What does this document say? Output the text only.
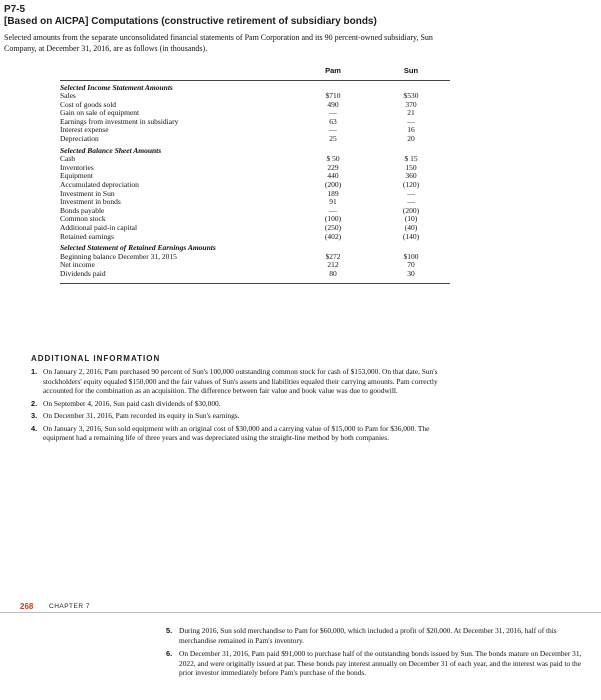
P7-5
[Based on AICPA] Computations (constructive retirement of subsidiary bonds)
Selected amounts from the separate unconsolidated financial statements of Pam Corporation and its 90 percent-owned subsidiary, Sun Company, at December 31, 2016, are as follows (in thousands).
	Pam	Sun
Selected Income Statement Amounts		
Sales	$710	$530
Cost of goods sold	490	370
Gain on sale of equipment	—	21
Earnings from investment in subsidiary	63	—
Interest expense	—	16
Depreciation	25	20
Selected Balance Sheet Amounts		
Cash	$ 50	$ 15
Inventories	229	150
Equipment	440	360
Accumulated depreciation	(200)	(120)
Investment in Sun	189	—
Investment in bonds	91	—
Bonds payable	—	(200)
Common stock	(100)	(10)
Additional paid-in capital	(250)	(40)
Retained earnings	(402)	(140)
Selected Statement of Retained Earnings Amounts		
Beginning balance December 31, 2015	$272	$100
Net income	212	70
Dividends paid	80	30
ADDITIONAL INFORMATION
1. On January 2, 2016, Pam purchased 90 percent of Sun's 100,000 outstanding common stock for cash of $153,000. On that date, Sun's stockholders' equity equaled $150,000 and the fair values of Sun's assets and liabilities equaled their carrying amounts. Pam correctly accounted for the combination as an acquisition. The difference between fair value and book value was due to goodwill.
2. On September 4, 2016, Sun paid cash dividends of $30,000.
3. On December 31, 2016, Pam recorded its equity in Sun's earnings.
4. On January 3, 2016, Sun sold equipment with an original cost of $30,000 and a carrying value of $15,000 to Pam for $36,000. The equipment had a remaining life of three years and was depreciated using the straight-line method by both companies.
268 CHAPTER 7
5. During 2016, Sun sold merchandise to Pam for $60,000, which included a profit of $20,000. At December 31, 2016, half of this merchandise remained in Pam's inventory.
6. On December 31, 2016, Pam paid $91,000 to purchase half of the outstanding bonds issued by Sun. The bonds mature on December 31, 2022, and were originally issued at par. These bonds pay interest annually on December 31 of each year, and the interest was paid to the prior investor immediately before Pam's purchase of the bonds.
